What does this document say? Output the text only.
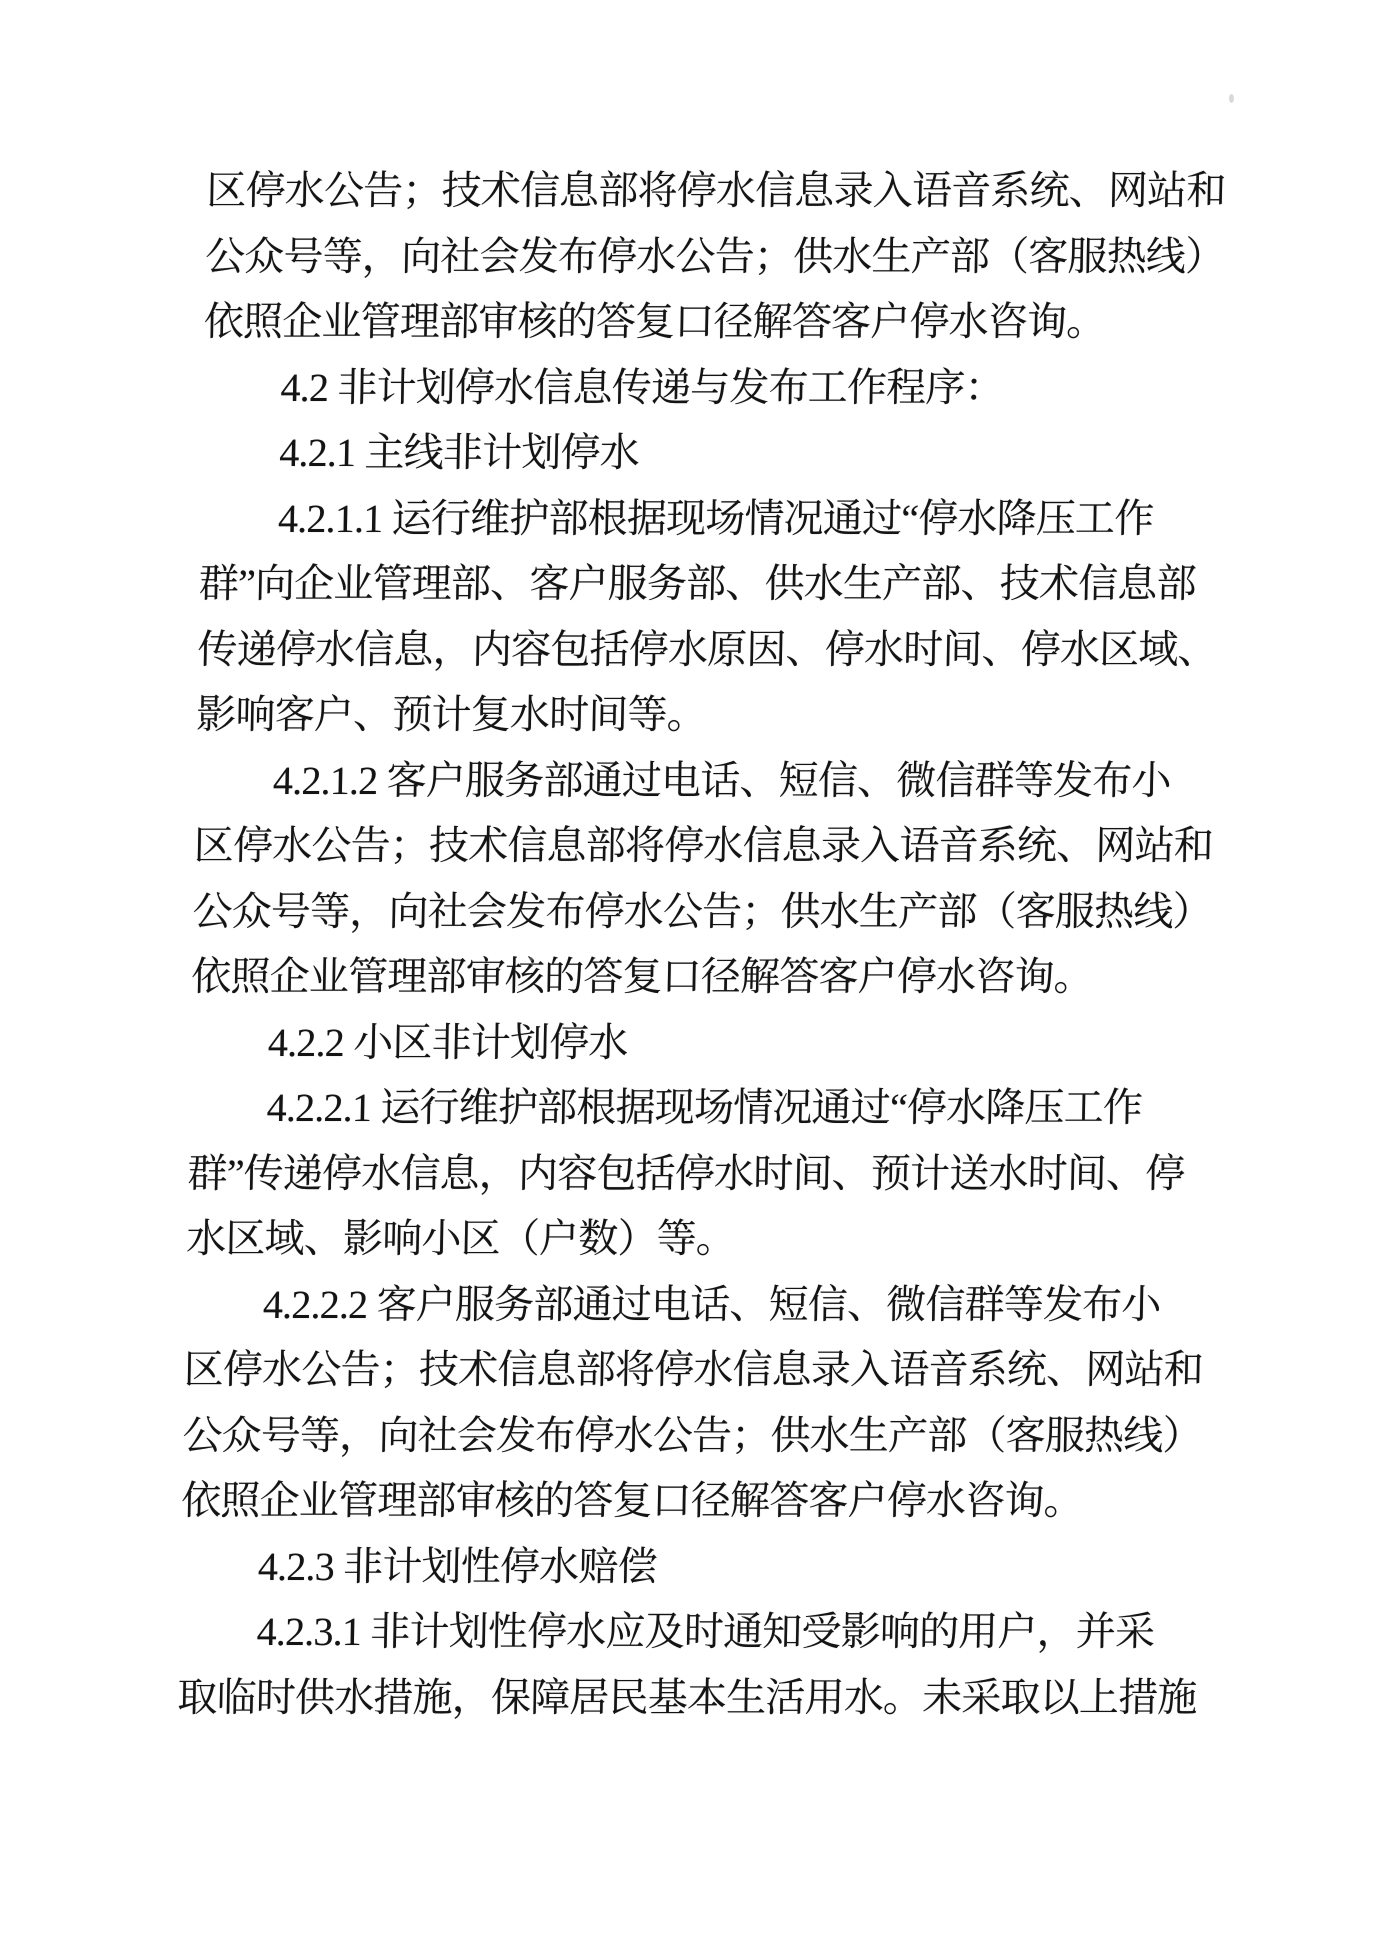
区停水公告；技术信息部将停水信息录入语音系统、网站和
公众号等，向社会发布停水公告；供水生产部（客服热线）
依照企业管理部审核的答复口径解答客户停水咨询。
4.2 非计划停水信息传递与发布工作程序：
4.2.1 主线非计划停水
4.2.1.1 运行维护部根据现场情况通过“停水降压工作
群”向企业管理部、客户服务部、供水生产部、技术信息部
传递停水信息，内容包括停水原因、停水时间、停水区域、
影响客户、预计复水时间等。
4.2.1.2 客户服务部通过电话、短信、微信群等发布小
区停水公告；技术信息部将停水信息录入语音系统、网站和
公众号等，向社会发布停水公告；供水生产部（客服热线）
依照企业管理部审核的答复口径解答客户停水咨询。
4.2.2 小区非计划停水
4.2.2.1 运行维护部根据现场情况通过“停水降压工作
群”传递停水信息，内容包括停水时间、预计送水时间、停
水区域、影响小区（户数）等。
4.2.2.2 客户服务部通过电话、短信、微信群等发布小
区停水公告；技术信息部将停水信息录入语音系统、网站和
公众号等，向社会发布停水公告；供水生产部（客服热线）
依照企业管理部审核的答复口径解答客户停水咨询。
4.2.3 非计划性停水赔偿
4.2.3.1 非计划性停水应及时通知受影响的用户，并采
取临时供水措施，保障居民基本生活用水。未采取以上措施
